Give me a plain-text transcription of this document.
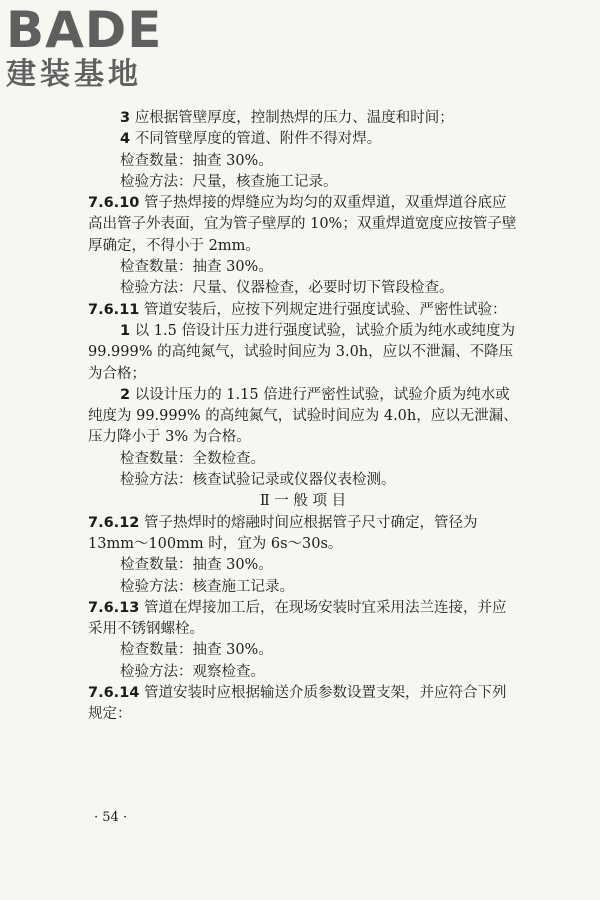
BADE
建装基地

3 应根据管壁厚度，控制热焊的压力、温度和时间；

4 不同管壁厚度的管道、附件不得对焊。

检查数量：抽查 30%。

检验方法：尺量，核查施工记录。

7.6.10 管子热焊接的焊缝应为均匀的双重焊道，双重焊道谷底应高出管子外表面，宜为管子壁厚的 10%；双重焊道宽度应按管子壁厚确定，不得小于 2mm。

检查数量：抽查 30%。

检验方法：尺量、仪器检查，必要时切下管段检查。

7.6.11 管道安装后，应按下列规定进行强度试验、严密性试验：

1 以 1.5 倍设计压力进行强度试验，试验介质为纯水或纯度为 99.999% 的高纯氮气，试验时间应为 3.0h，应以不泄漏、不降压为合格；

2 以设计压力的 1.15 倍进行严密性试验，试验介质为纯水或纯度为 99.999% 的高纯氮气，试验时间应为 4.0h，应以无泄漏、压力降小于 3% 为合格。

检查数量：全数检查。

检验方法：核查试验记录或仪器仪表检测。

Ⅱ 一 般 项 目

7.6.12 管子热焊时的熔融时间应根据管子尺寸确定，管径为 13mm～100mm 时，宜为 6s～30s。

检查数量：抽查 30%。

检验方法：核查施工记录。

7.6.13 管道在焊接加工后，在现场安装时宜采用法兰连接，并应采用不锈钢螺栓。

检查数量：抽查 30%。

检验方法：观察检查。

7.6.14 管道安装时应根据输送介质参数设置支架，并应符合下列规定：

· 54 ·
